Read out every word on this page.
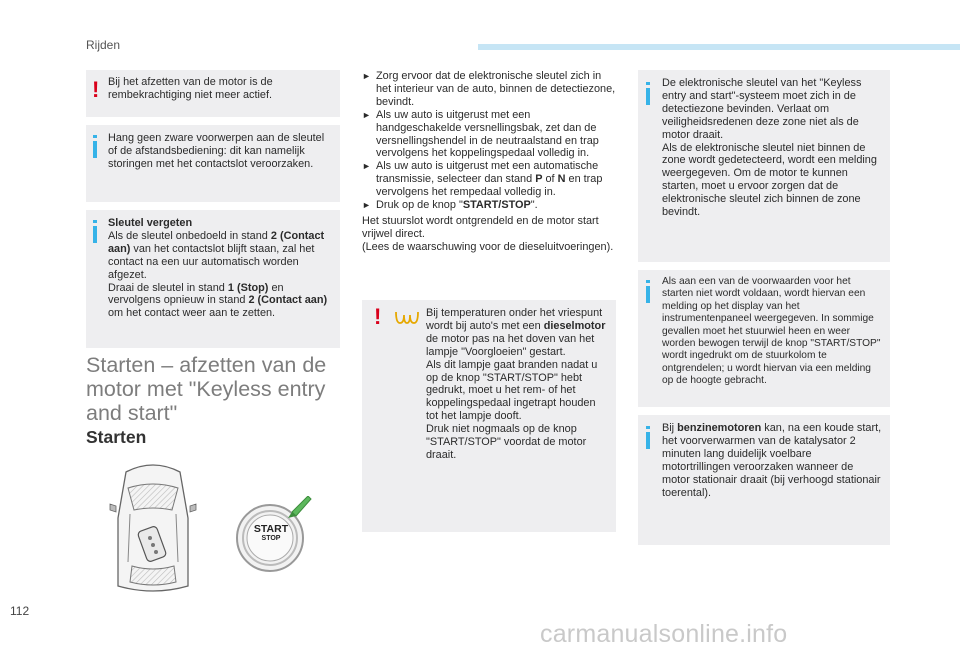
Rijden
! Bij het afzetten van de motor is de rembekrachtiging niet meer actief.

Hang geen zware voorwerpen aan de sleutel of de afstandsbediening: dit kan namelijk storingen met het contactslot veroorzaken.

Sleutel vergeten

Als de sleutel onbedoeld in stand 2 (Contact aan) van het contactslot blijft staan, zal het contact na een uur automatisch worden afgezet.

Draai de sleutel in stand 1 (Stop) en vervolgens opnieuw in stand 2 (Contact aan) om het contact weer aan te zetten.

Starten – afzetten van de motor met "Keyless entry and start"
Starten
START
STOP
► Zorg ervoor dat de elektronische sleutel zich in het interieur van de auto, binnen de detectiezone, bevindt.
► Als uw auto is uitgerust met een handgeschakelde versnellingsbak, zet dan de versnellingshendel in de neutraalstand en trap vervolgens het koppelingspedaal volledig in.
► Als uw auto is uitgerust met een automatische transmissie, selecteer dan stand P of N en trap vervolgens het rempedaal volledig in.
► Druk op de knop "START/STOP".

Het stuurslot wordt ontgrendeld en de motor start vrijwel direct.

(Lees de waarschuwing voor de dieseluitvoeringen).

!	Bij temperaturen onder het vriespunt wordt bij auto's met een dieselmotor de motor pas na het doven van het lampje "Voorgloeien" gestart.

Als dit lampje gaat branden nadat u op de knop "START/STOP" hebt gedrukt, moet u het rem- of het koppelingspedaal ingetrapt houden tot het lampje dooft.

Druk niet nogmaals op de knop "START/STOP" voordat de motor draait.

De elektronische sleutel van het "Keyless entry and start"-systeem moet zich in de detectiezone bevinden. Verlaat om veiligheidsredenen deze zone niet als de motor draait.

Als de elektronische sleutel niet binnen de zone wordt gedetecteerd, wordt een melding weergegeven. Om de motor te kunnen starten, moet u ervoor zorgen dat de elektronische sleutel zich binnen de zone bevindt.

Als aan een van de voorwaarden voor het starten niet wordt voldaan, wordt hiervan een melding op het display van het instrumentenpaneel weergegeven. In sommige gevallen moet het stuurwiel heen en weer worden bewogen terwijl de knop "START/STOP" wordt ingedrukt om de stuurkolom te ontgrendelen; u wordt hiervan via een melding op de hoogte gebracht.

Bij benzinemotoren kan, na een koude start, het voorverwarmen van de katalysator 2 minuten lang duidelijk voelbare motortrillingen veroorzaken wanneer de motor stationair draait (bij verhoogd stationair toerental).

112
carmanualsonline.info
